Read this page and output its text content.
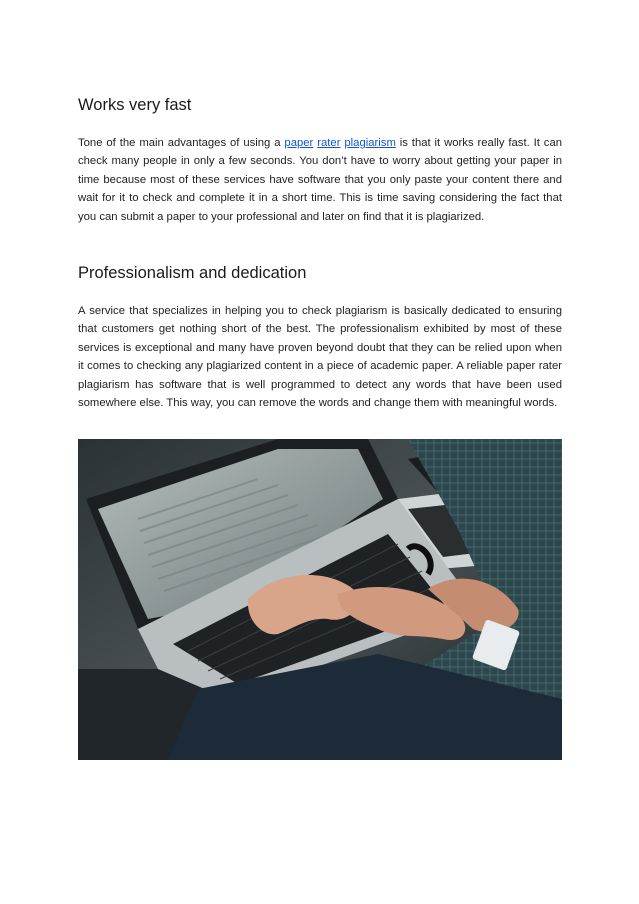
Works very fast

Tone of the main advantages of using a paper rater plagiarism is that it works really fast. It can check many people in only a few seconds. You don’t have to worry about getting your paper in time because most of these services have software that you only paste your content there and wait for it to check and complete it in a short time. This is time saving considering the fact that you can submit a paper to your professional and later on find that it is plagiarized.

Professionalism and dedication

A service that specializes in helping you to check plagiarism is basically dedicated to ensuring that customers get nothing short of the best. The professionalism exhibited by most of these services is exceptional and many have proven beyond doubt that they can be relied upon when it comes to checking any plagiarized content in a piece of academic paper. A reliable paper rater plagiarism has software that is well programmed to detect any words that have been used somewhere else. This way, you can remove the words and change them with meaningful words.
